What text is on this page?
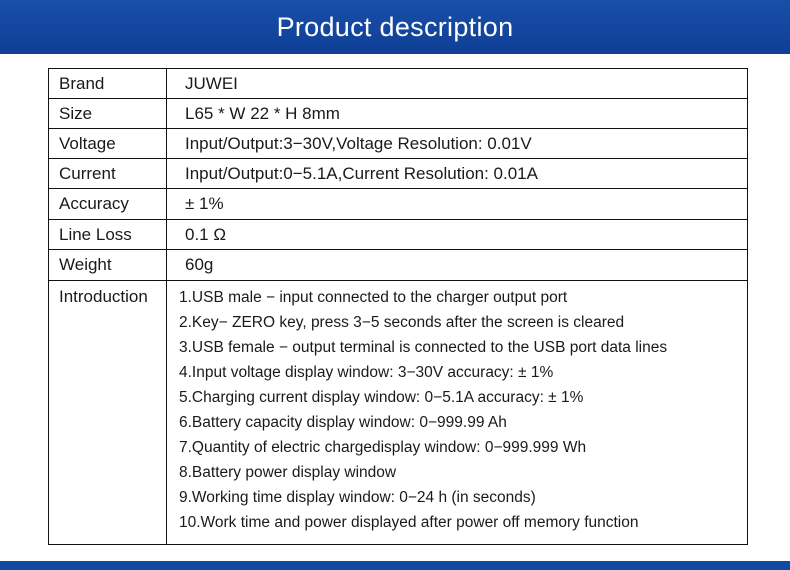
Product description
Brand	JUWEI
Size	L65 * W 22 * H 8mm
Voltage	Input/Output:3−30V,Voltage Resolution: 0.01V
Current	Input/Output:0−5.1A,Current Resolution: 0.01A
Accuracy	± 1%
Line Loss	0.1 Ω
Weight	60g
Introduction	1.USB male − input connected to the charger output port
2.Key− ZERO key, press 3−5 seconds after the screen is cleared
3.USB female − output terminal is connected to the USB port data lines
4.Input voltage display window: 3−30V accuracy: ± 1%
5.Charging current display window: 0−5.1A accuracy: ± 1%
6.Battery capacity display window: 0−999.99 Ah
7.Quantity of electric chargedisplay window: 0−999.999 Wh
8.Battery power display window
9.Working time display window: 0−24 h (in seconds)
10.Work time and power displayed after power off memory function
